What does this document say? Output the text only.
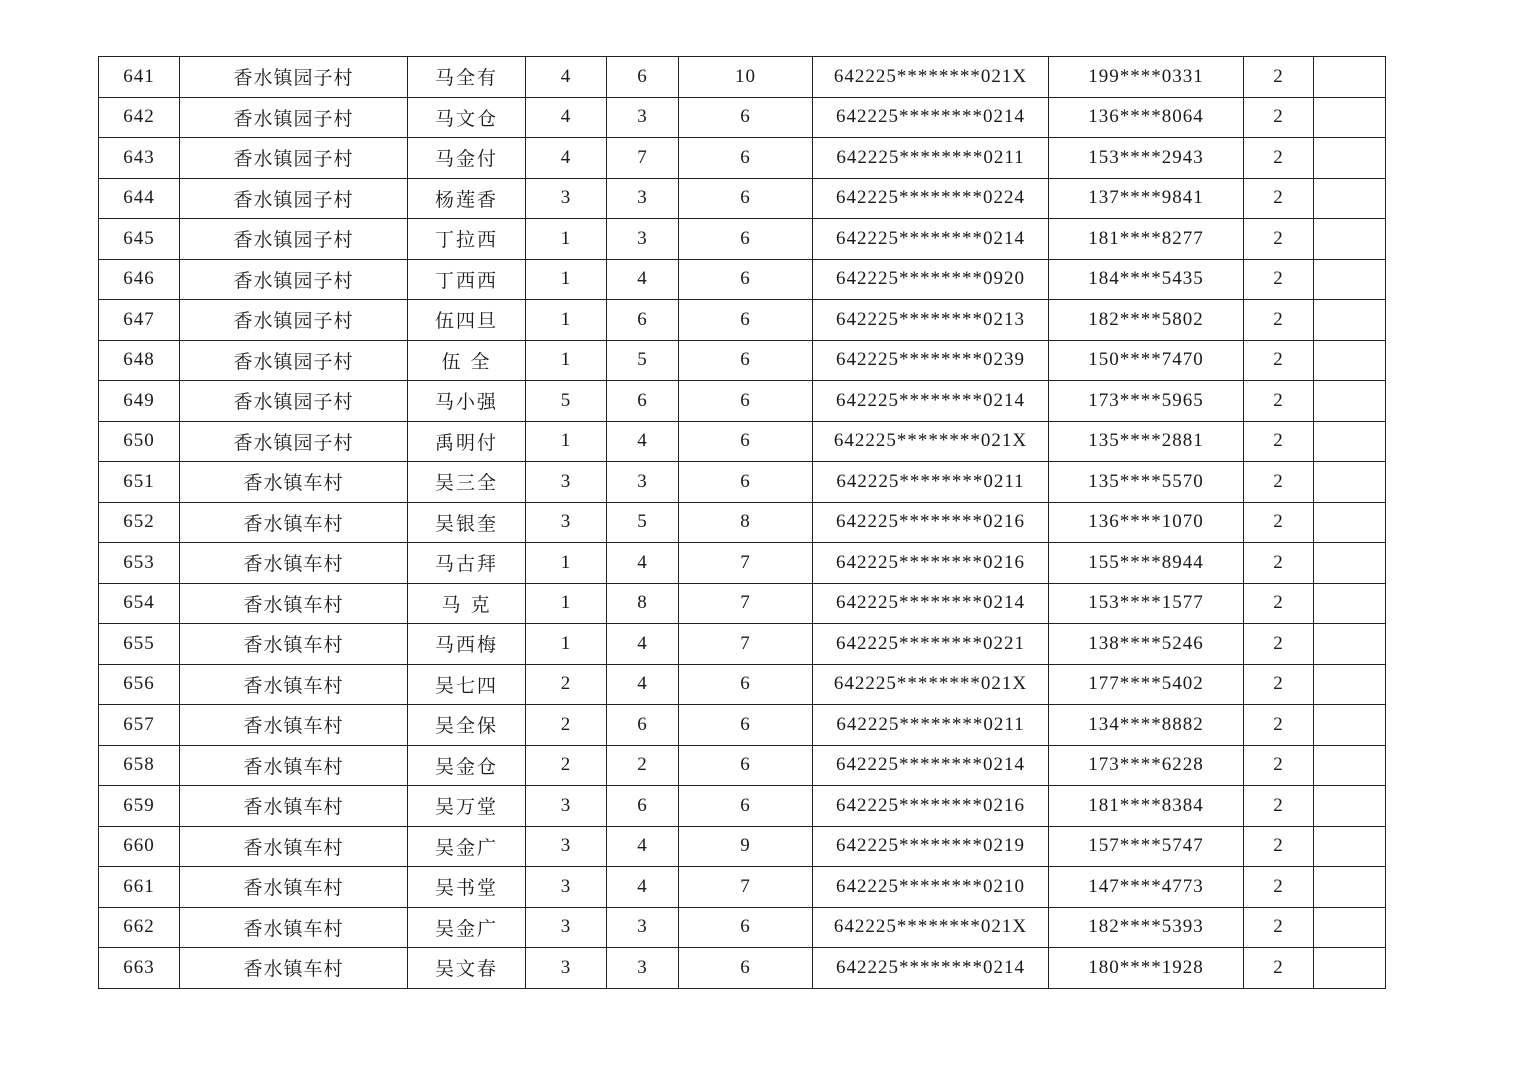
641	香水镇园子村	马全有	4	6	10	642225********021X	199****0331	2	
642	香水镇园子村	马文仓	4	3	6	642225********0214	136****8064	2	
643	香水镇园子村	马金付	4	7	6	642225********0211	153****2943	2	
644	香水镇园子村	杨莲香	3	3	6	642225********0224	137****9841	2	
645	香水镇园子村	丁拉西	1	3	6	642225********0214	181****8277	2	
646	香水镇园子村	丁西西	1	4	6	642225********0920	184****5435	2	
647	香水镇园子村	伍四旦	1	6	6	642225********0213	182****5802	2	
648	香水镇园子村	伍 全	1	5	6	642225********0239	150****7470	2	
649	香水镇园子村	马小强	5	6	6	642225********0214	173****5965	2	
650	香水镇园子村	禹明付	1	4	6	642225********021X	135****2881	2	
651	香水镇车村	吴三全	3	3	6	642225********0211	135****5570	2	
652	香水镇车村	吴银奎	3	5	8	642225********0216	136****1070	2	
653	香水镇车村	马古拜	1	4	7	642225********0216	155****8944	2	
654	香水镇车村	马 克	1	8	7	642225********0214	153****1577	2	
655	香水镇车村	马西梅	1	4	7	642225********0221	138****5246	2	
656	香水镇车村	吴七四	2	4	6	642225********021X	177****5402	2	
657	香水镇车村	吴全保	2	6	6	642225********0211	134****8882	2	
658	香水镇车村	吴金仓	2	2	6	642225********0214	173****6228	2	
659	香水镇车村	吴万堂	3	6	6	642225********0216	181****8384	2	
660	香水镇车村	吴金广	3	4	9	642225********0219	157****5747	2	
661	香水镇车村	吴书堂	3	4	7	642225********0210	147****4773	2	
662	香水镇车村	吴金广	3	3	6	642225********021X	182****5393	2	
663	香水镇车村	吴文春	3	3	6	642225********0214	180****1928	2	
